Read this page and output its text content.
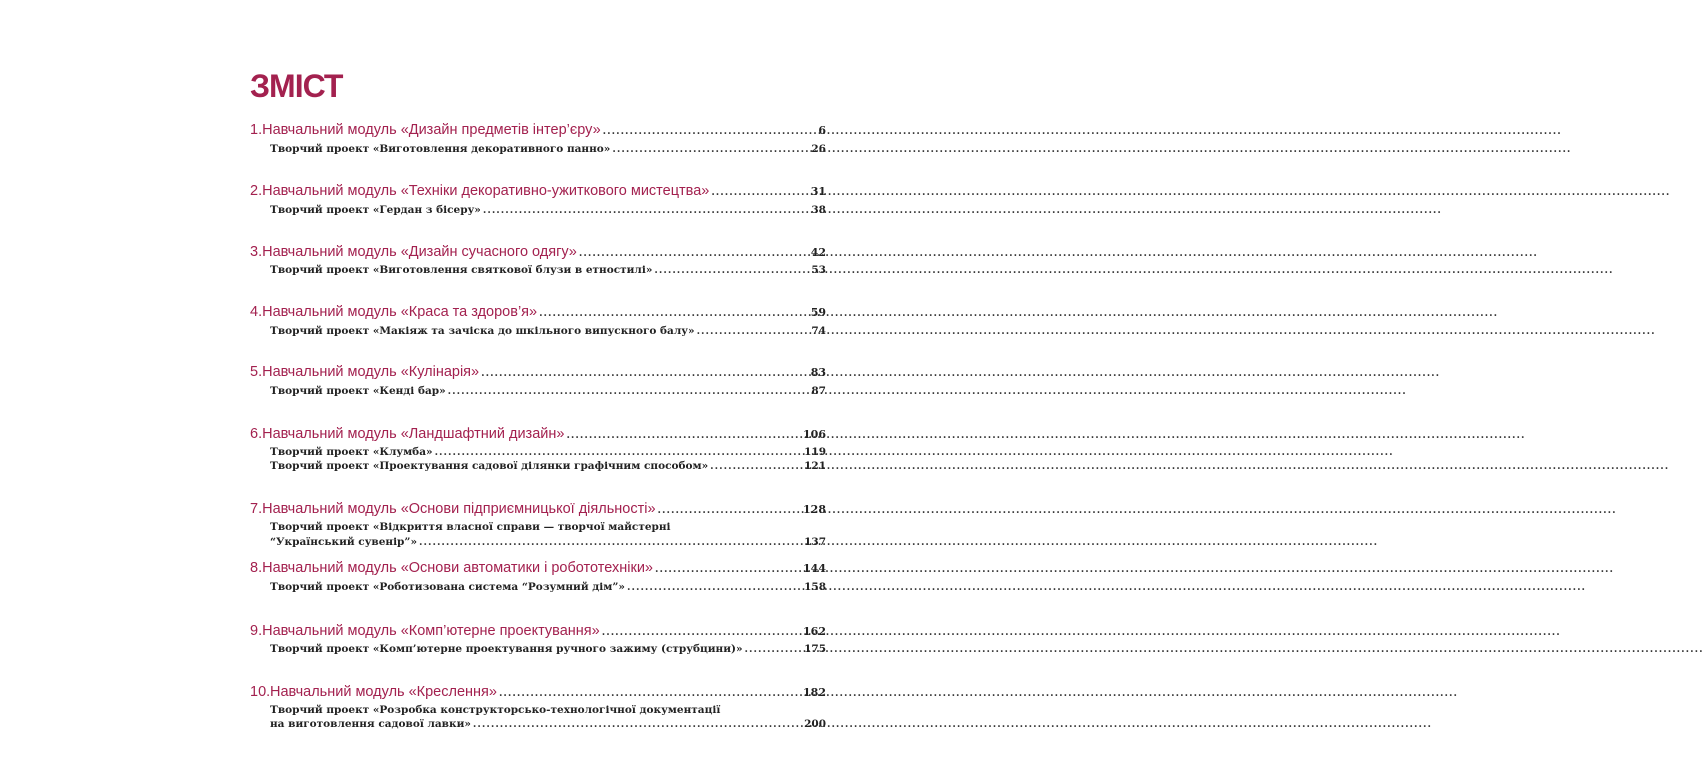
ЗМІСТ
1. Навчальний модуль «Дизайн предметів інтер’єру» .....	6
Творчий проект «Виготовлення декоративного панно» .....	26
2. Навчальний модуль «Техніки декоративно-ужиткового мистецтва» .....	31
Творчий проект «Гердан з бісеру» .....	38
3. Навчальний модуль «Дизайн сучасного одягу» .....	42
Творчий проект «Виготовлення святкової блузи в етностилі» .....	53
4. Навчальний модуль «Краса та здоров’я» .....	59
Творчий проект «Макіяж та зачіска до шкільного випускного балу» .....	74
5. Навчальний модуль «Кулінарія» .....	83
Творчий проект «Кенді бар» .....	87
6. Навчальний модуль «Ландшафтний дизайн» .....	106
Творчий проект «Клумба» .....	119
Творчий проект «Проектування садової ділянки графічним способом» .....	121
7. Навчальний модуль «Основи підприємницької діяльності» .....	128
Творчий проект «Відкриття власної справи — творчої майстерні
“Український сувенір”» .....	137
8. Навчальний модуль «Основи автоматики і робототехніки» .....	144
Творчий проект «Роботизована система “Розумний дім”» .....	158
9. Навчальний модуль «Комп’ютерне проектування» .....	162
Творчий проект «Комп’ютерне проектування ручного зажиму (струбцини)» .....	175
10. Навчальний модуль «Креслення» .....	182
Творчий проект «Розробка конструкторсько-технологічної документації
на виготовлення садової лавки» .....	200
